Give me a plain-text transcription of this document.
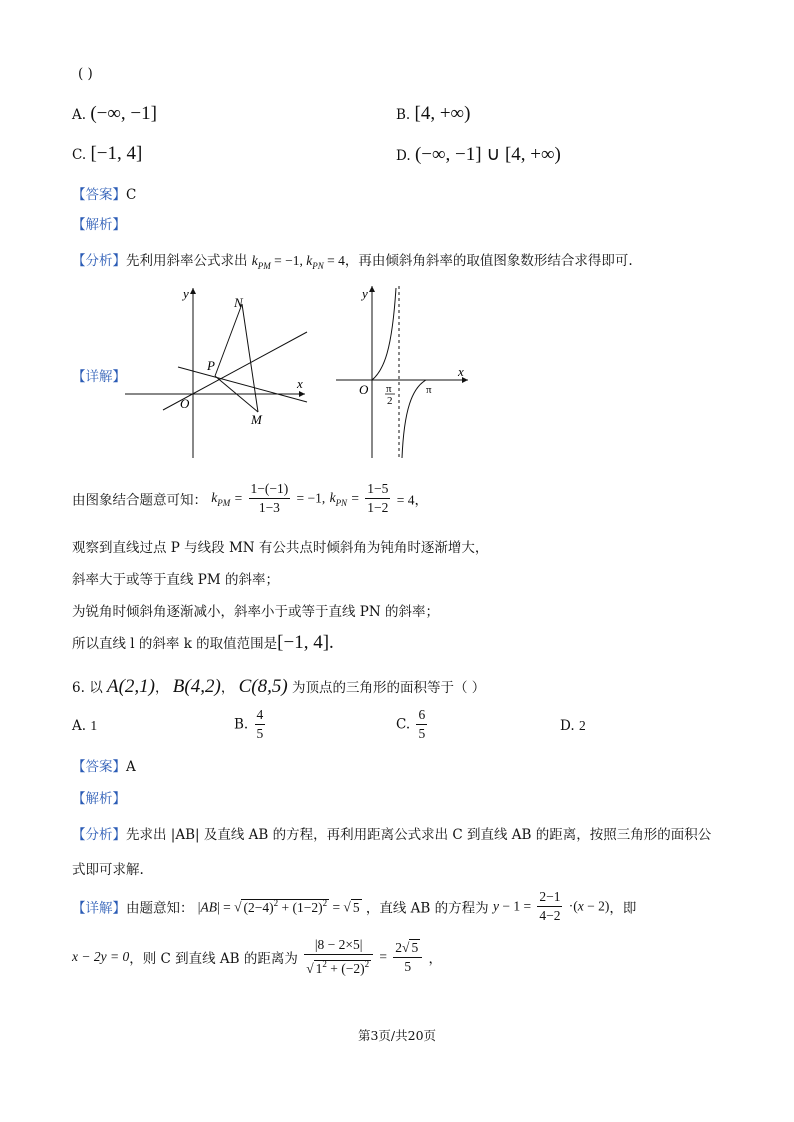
( )
A. (−∞, −1]	B. [4, +∞)
C. [−1, 4]	D. (−∞, −1] ∪ [4, +∞)
【答案】C
【解析】
【分析】先利用斜率公式求出 $k_{PM} = -1$, $k_{PN} = 4$，再由倾斜角斜率的取值图象数形结合求得即可.
【详解】
y
x
O
P
N
M
y
x
O π
2
π
由图象结合题意可知： $k_{PM} = \frac{1-(-1)}{1-3} = -1$, $k_{PN} = \frac{1-5}{1-2} = 4$，
观察到直线过点 P 与线段 MN 有公共点时倾斜角为钝角时逐渐增大，
斜率大于或等于直线 PM 的斜率；
为锐角时倾斜角逐渐减小，斜率小于或等于直线 PN 的斜率；
所以直线 l 的斜率 k 的取值范围是[−1, 4].
6. 以 A(2,1)， B(4,2)， C(8,5) 为顶点的三角形的面积等于（ ）
A. 1	B. $\frac{4}{5}$	C. $\frac{6}{5}$	D. 2
【答案】A
【解析】
【分析】先求出 |AB| 及直线 AB 的方程，再利用距离公式求出 C 到直线 AB 的距离，按照三角形的面积公
式即可求解.
【详解】由题意知： |AB| = √ $(2-4)^2 + (1-2)^2$ = √ 5 ，直线 AB 的方程为 $y - 1 = \frac{2-1}{4-2} \cdot(x - 2)$，即
x − 2y = 0，则 C 到直线 AB 的距离为 $\frac{|8 - 2\times 5|}{√ 1^2 + (-2)^2} = \frac{2√ 5}{5}$ ，
第3页/共20页
